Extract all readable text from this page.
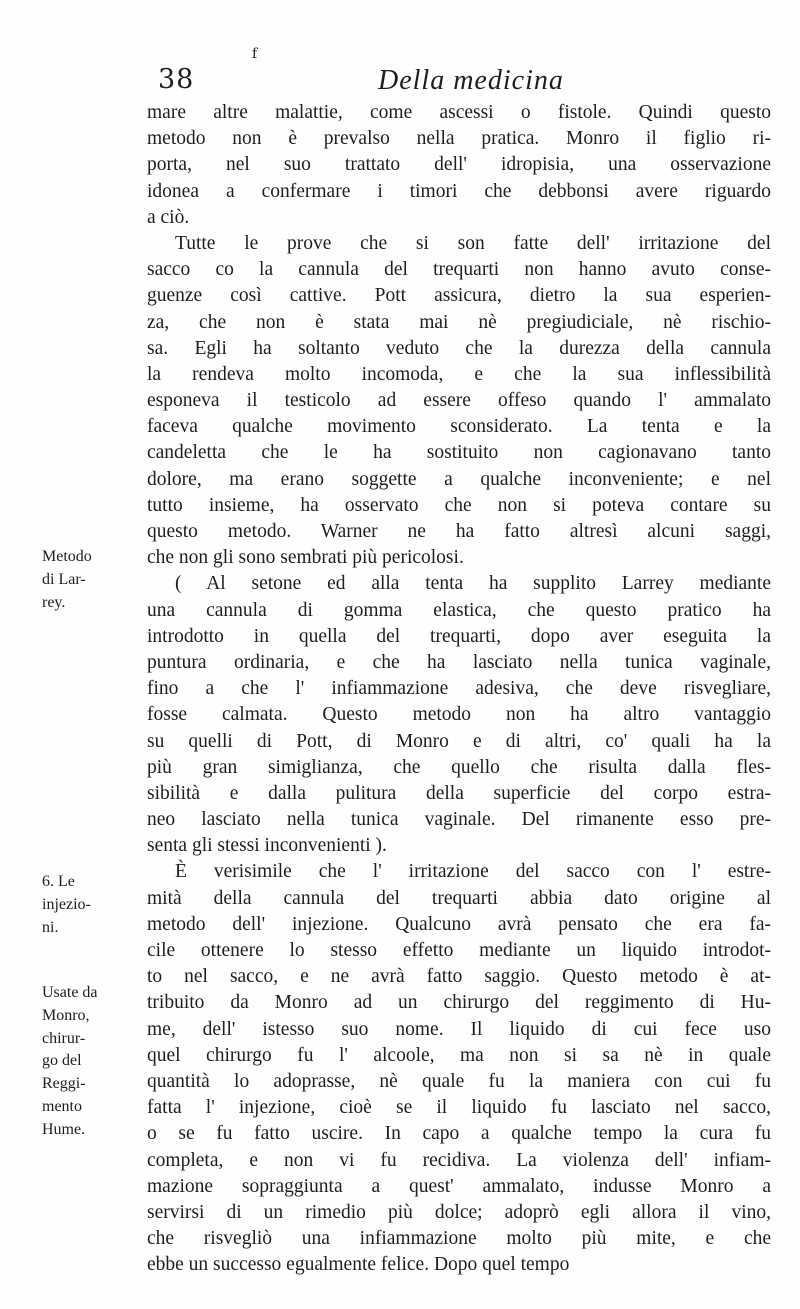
38
f
Della medicina
Metodo
di Lar-
rey.
6. Le
injezio-
ni.
Usate da
Monro,
chirur-
go del
Reggi-
mento
Hume.
mare altre malattie, come ascessi o fistole. Quindi questo
metodo non è prevalso nella pratica. Monro il figlio ri-
porta, nel suo trattato dell' idropisia, una osservazione
idonea a confermare i timori che debbonsi avere riguardo
a ciò.
Tutte le prove che si son fatte dell' irritazione del
sacco co la cannula del trequarti non hanno avuto conse-
guenze così cattive. Pott assicura, dietro la sua esperien-
za, che non è stata mai nè pregiudiciale, nè rischio-
sa. Egli ha soltanto veduto che la durezza della cannula
la rendeva molto incomoda, e che la sua inflessibilità
esponeva il testicolo ad essere offeso quando l' ammalato
faceva qualche movimento sconsiderato. La tenta e la
candeletta che le ha sostituito non cagionavano tanto
dolore, ma erano soggette a qualche inconveniente; e nel
tutto insieme, ha osservato che non si poteva contare su
questo metodo. Warner ne ha fatto altresì alcuni saggi,
che non gli sono sembrati più pericolosi.
( Al setone ed alla tenta ha supplito Larrey mediante
una cannula di gomma elastica, che questo pratico ha
introdotto in quella del trequarti, dopo aver eseguita la
puntura ordinaria, e che ha lasciato nella tunica vaginale,
fino a che l' infiammazione adesiva, che deve risvegliare,
fosse calmata. Questo metodo non ha altro vantaggio
su quelli di Pott, di Monro e di altri, co' quali ha la
più gran simiglianza, che quello che risulta dalla fles-
sibilità e dalla pulitura della superficie del corpo estra-
neo lasciato nella tunica vaginale. Del rimanente esso pre-
senta gli stessi inconvenienti ).
È verisimile che l' irritazione del sacco con l' estre-
mità della cannula del trequarti abbia dato origine al
metodo dell' injezione. Qualcuno avrà pensato che era fa-
cile ottenere lo stesso effetto mediante un liquido introdot-
to nel sacco, e ne avrà fatto saggio. Questo metodo è at-
tribuito da Monro ad un chirurgo del reggimento di Hu-
me, dell' istesso suo nome. Il liquido di cui fece uso
quel chirurgo fu l' alcoole, ma non si sa nè in quale
quantità lo adoprasse, nè quale fu la maniera con cui fu
fatta l' injezione, cioè se il liquido fu lasciato nel sacco,
o se fu fatto uscire. In capo a qualche tempo la cura fu
completa, e non vi fu recidiva. La violenza dell' infiam-
mazione sopraggiunta a quest' ammalato, indusse Monro a
servirsi di un rimedio più dolce; adoprò egli allora il vino,
che risvegliò una infiammazione molto più mite, e che
ebbe un successo egualmente felice. Dopo quel tempo
